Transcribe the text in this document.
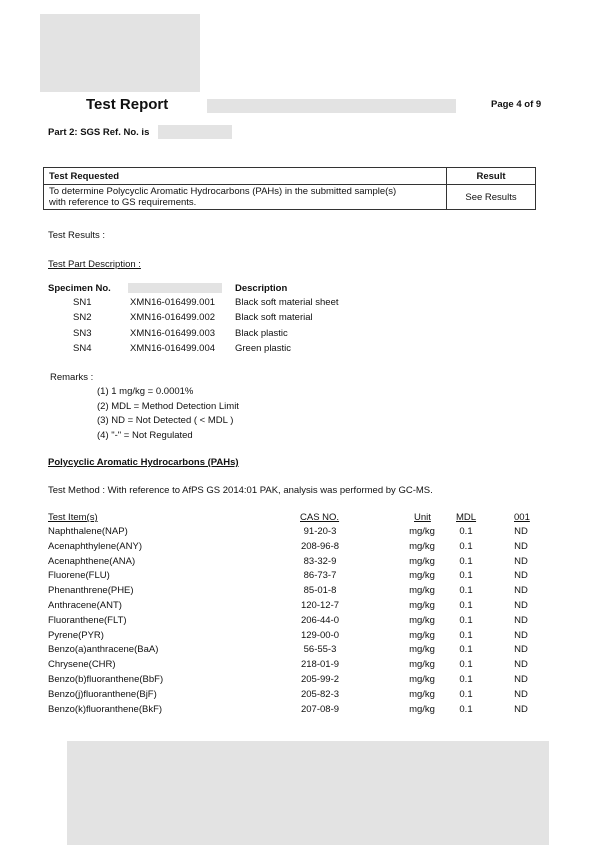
Test Report	Page 4 of 9
Part 2: SGS Ref. No. is
Test Requested	Result

To determine Polycyclic Aromatic Hydrocarbons (PAHs) in the submitted sample(s)
with reference to GS requirements.	See Results
Test Results :
Test Part Description :
Specimen No.	Description
SN1	XMN16-016499.001 Black soft material sheet
SN2	XMN16-016499.002 Black soft material
SN3	XMN16-016499.003 Black plastic
SN4	XMN16-016499.004 Green plastic
Remarks :
(1) 1 mg/kg = 0.0001%
(2) MDL = Method Detection Limit
(3) ND = Not Detected ( < MDL )
(4) "-" = Not Regulated
Polycyclic Aromatic Hydrocarbons (PAHs)
Test Method : With reference to AfPS GS 2014:01 PAK, analysis was performed by GC-MS.
Test Item(s)	CAS NO.	Unit	MDL	001
Naphthalene(NAP)	91-20-3	mg/kg	0.1	ND
Acenaphthylene(ANY)	208-96-8	mg/kg	0.1	ND
Acenaphthene(ANA)	83-32-9	mg/kg	0.1	ND
Fluorene(FLU)	86-73-7	mg/kg	0.1	ND
Phenanthrene(PHE)	85-01-8	mg/kg	0.1	ND
Anthracene(ANT)	120-12-7	mg/kg	0.1	ND
Fluoranthene(FLT)	206-44-0	mg/kg	0.1	ND
Pyrene(PYR)	129-00-0	mg/kg	0.1	ND
Benzo(a)anthracene(BaA)	56-55-3	mg/kg	0.1	ND
Chrysene(CHR)	218-01-9	mg/kg	0.1	ND
Benzo(b)fluoranthene(BbF)	205-99-2	mg/kg	0.1	ND
Benzo(j)fluoranthene(BjF)	205-82-3	mg/kg	0.1	ND
Benzo(k)fluoranthene(BkF)	207-08-9	mg/kg	0.1	ND
